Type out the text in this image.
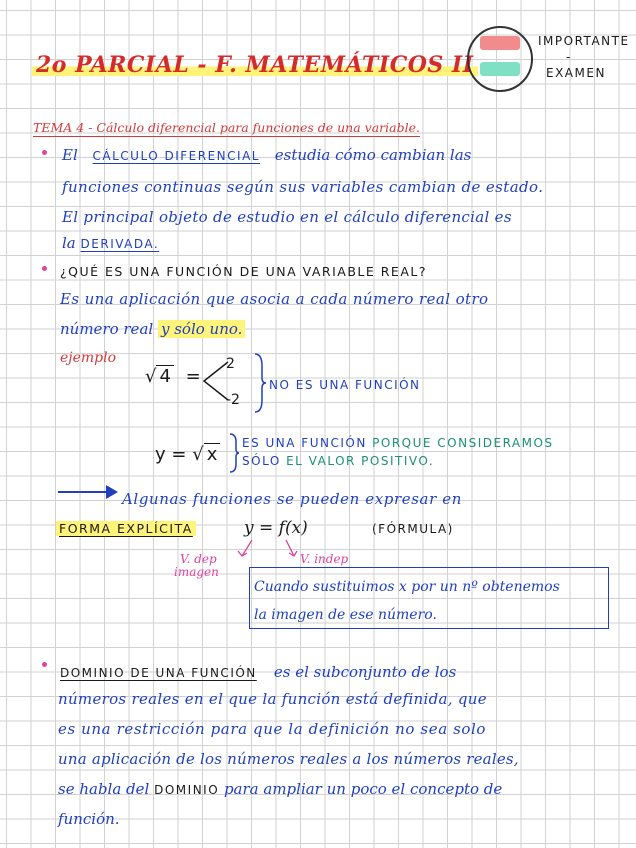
2o PARCIAL - F. MATEMÁTICOS II
IMPORTANTE
-
EXAMEN
TEMA 4 - Cálculo diferencial para funciones de una variable.
El CÁLCULO DIFERENCIAL estudia cómo cambian las
funciones continuas según sus variables cambian de estado.
El principal objeto de estudio en el cálculo diferencial es
la DERIVADA.
¿QUÉ ES UNA FUNCIÓN DE UNA VARIABLE REAL?
Es una aplicación que asocia a cada número real otro
número real y sólo uno.
ejemplo
√ 4 =
2
-2
NO ES UNA FUNCIÓN
y = √ x
ES UNA FUNCIÓN PORQUE CONSIDERAMOS
SÓLO EL VALOR POSITIVO.
Algunas funciones se pueden expresar en
FORMA EXPLÍCITA	y = f(x)	(FÓRMULA)
V. dep
imagen
V. indep
Cuando sustituimos x por un nº obtenemos
la imagen de ese número.
DOMINIO DE UNA FUNCIÓN es el subconjunto de los
números reales en el que la función está definida, que
es una restricción para que la definición no sea solo
una aplicación de los números reales a los números reales,
se habla del DOMINIO para ampliar un poco el concepto de
función.
